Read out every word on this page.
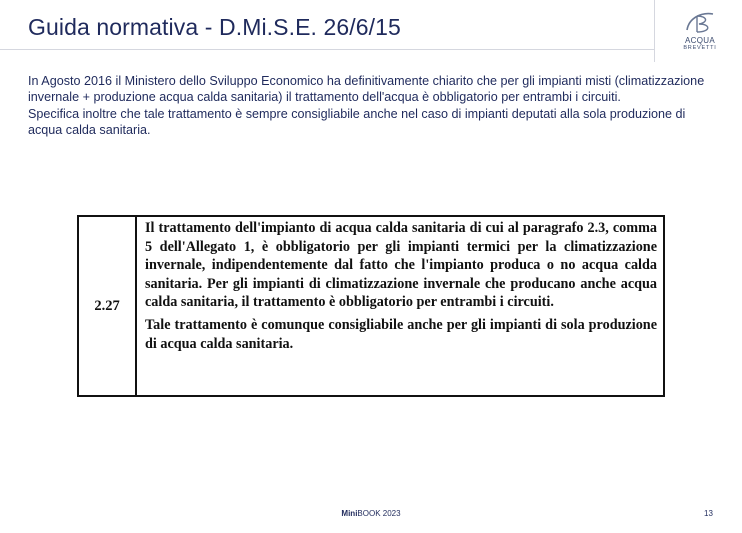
Guida normativa - D.Mi.S.E. 26/6/15
ACQUA
BREVETTI

In Agosto 2016 il Ministero dello Sviluppo Economico ha definitivamente chiarito che per gli impianti misti (climatizzazione invernale + produzione acqua calda sanitaria) il trattamento dell'acqua è obbligatorio per entrambi i circuiti.

Specifica inoltre che tale trattamento è sempre consigliabile anche nel caso di impianti deputati alla sola produzione di acqua calda sanitaria.

2.27

Il trattamento dell'impianto di acqua calda sanitaria di cui al paragrafo 2.3, comma 5 dell'Allegato 1, è obbligatorio per gli impianti termici per la climatizzazione invernale, indipendentemente dal fatto che l'impianto produca o no acqua calda sanitaria. Per gli impianti di climatizzazione invernale che producano anche acqua calda sanitaria, il trattamento è obbligatorio per entrambi i circuiti.

Tale trattamento è comunque consigliabile anche per gli impianti di sola produzione di acqua calda sanitaria.

MiniBOOK 2023	13
